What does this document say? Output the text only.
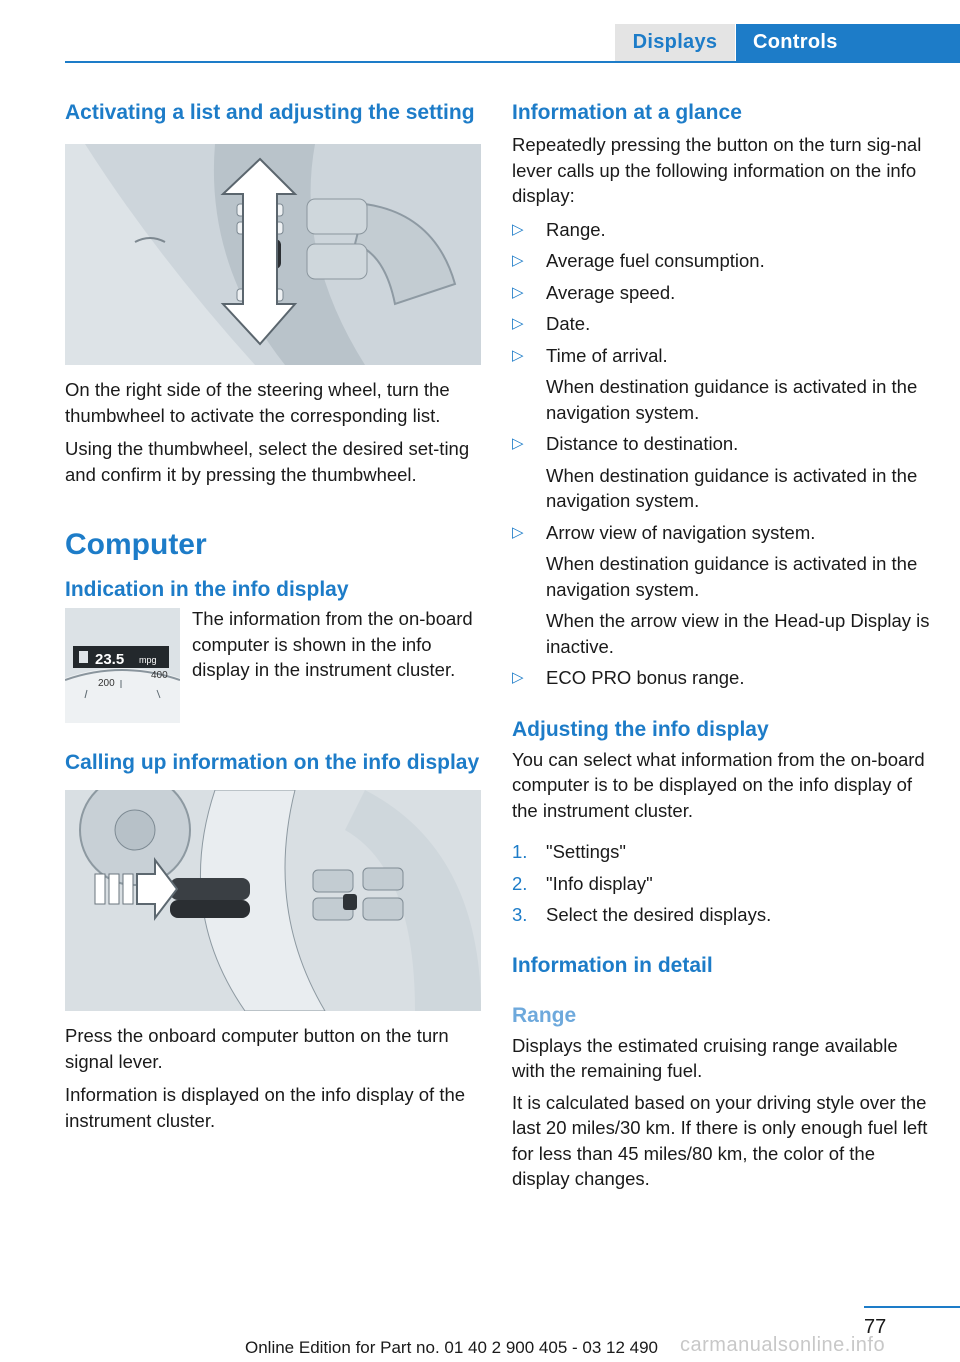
Displays	Controls
Activating a list and adjusting the setting

On the right side of the steering wheel, turn the thumbwheel to activate the corresponding list.

Using the thumbwheel, select the desired set‐ting and confirm it by pressing the thumbwheel.

Computer
Indication in the info display
23.5 mpg
200
400

The information from the on‐board computer is shown in the info display in the instrument cluster.

Calling up information on the info display

Press the onboard computer button on the turn signal lever.

Information is displayed on the info display of the instrument cluster.

Information at a glance

Repeatedly pressing the button on the turn sig‐nal lever calls up the following information on the info display:

▷ Range.
▷ Average fuel consumption.
▷ Average speed.
▷ Date.
▷ Time of arrival.
When destination guidance is activated in the navigation system.
▷ Distance to destination.
When destination guidance is activated in the navigation system.
▷ Arrow view of navigation system.
When destination guidance is activated in the navigation system.
When the arrow view in the Head-up Display is inactive.
▷ ECO PRO bonus range.
Adjusting the info display

You can select what information from the on‐board computer is to be displayed on the info display of the instrument cluster.

1. "Settings"
2. "Info display"
3. Select the desired displays.
Information in detail
Range

Displays the estimated cruising range available with the remaining fuel.

It is calculated based on your driving style over the last 20 miles/30 km. If there is only enough fuel left for less than 45 miles/80 km, the color of the display changes.

77
Online Edition for Part no. 01 40 2 900 405 - 03 12 490 carmanualsonline.info
